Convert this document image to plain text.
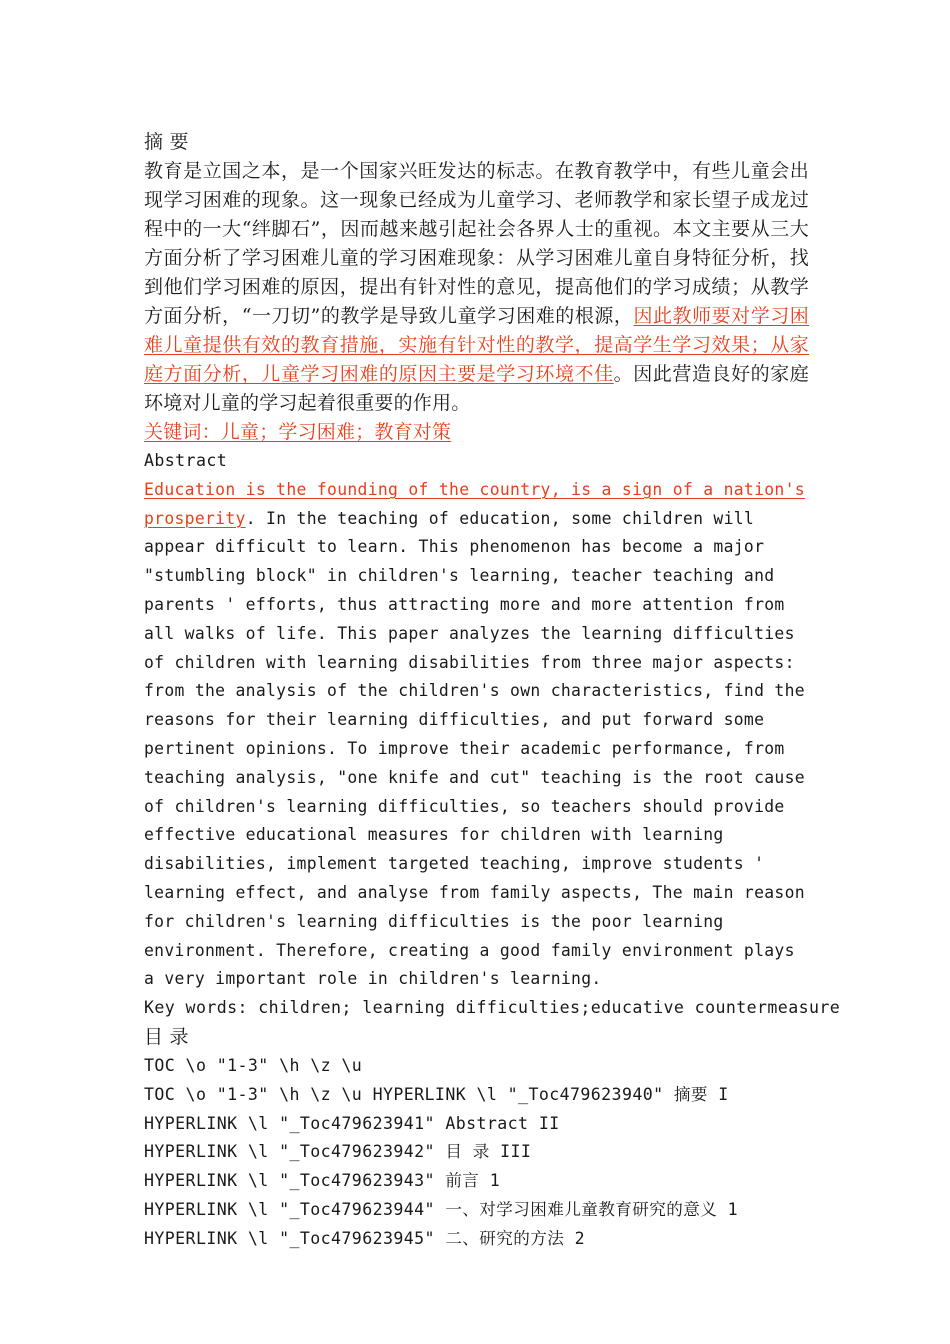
摘 要
教育是立国之本，是一个国家兴旺发达的标志。在教育教学中，有些儿童会出现学习困难的现象。这一现象已经成为儿童学习、老师教学和家长望子成龙过程中的一大“绊脚石”，因而越来越引起社会各界人士的重视。本文主要从三大方面分析了学习困难儿童的学习困难现象：从学习困难儿童自身特征分析，找到他们学习困难的原因，提出有针对性的意见，提高他们的学习成绩；从教学方面分析，“一刀切”的教学是导致儿童学习困难的根源，因此教师要对学习困难儿童提供有效的教育措施，实施有针对性的教学，提高学生学习效果；从家庭方面分析，儿童学习困难的原因主要是学习环境不佳。因此营造良好的家庭环境对儿童的学习起着很重要的作用。
关键词：儿童；学习困难；教育对策
Abstract
Education is the founding of the country, is a sign of a nation's prosperity. In the teaching of education, some children will appear difficult to learn. This phenomenon has become a major "stumbling block" in children's learning, teacher teaching and parents ' efforts, thus attracting more and more attention from all walks of life. This paper analyzes the learning difficulties of children with learning disabilities from three major aspects: from the analysis of the children's own characteristics, find the reasons for their learning difficulties, and put forward some pertinent opinions. To improve their academic performance, from teaching analysis, "one knife and cut" teaching is the root cause of children's learning difficulties, so teachers should provide effective educational measures for children with learning disabilities, implement targeted teaching, improve students ' learning effect, and analyse from family aspects, The main reason for children's learning difficulties is the poor learning environment. Therefore, creating a good family environment plays a very important role in children's learning.
Key words: children; learning difficulties;educative countermeasure
目 录
TOC \o "1-3" \h \z \u
TOC \o "1-3" \h \z \u HYPERLINK \l "_Toc479623940" 摘要 I
HYPERLINK \l "_Toc479623941" Abstract II
HYPERLINK \l "_Toc479623942" 目 录 III
HYPERLINK \l "_Toc479623943" 前言 1
HYPERLINK \l "_Toc479623944" 一、对学习困难儿童教育研究的意义 1
HYPERLINK \l "_Toc479623945" 二、研究的方法 2
